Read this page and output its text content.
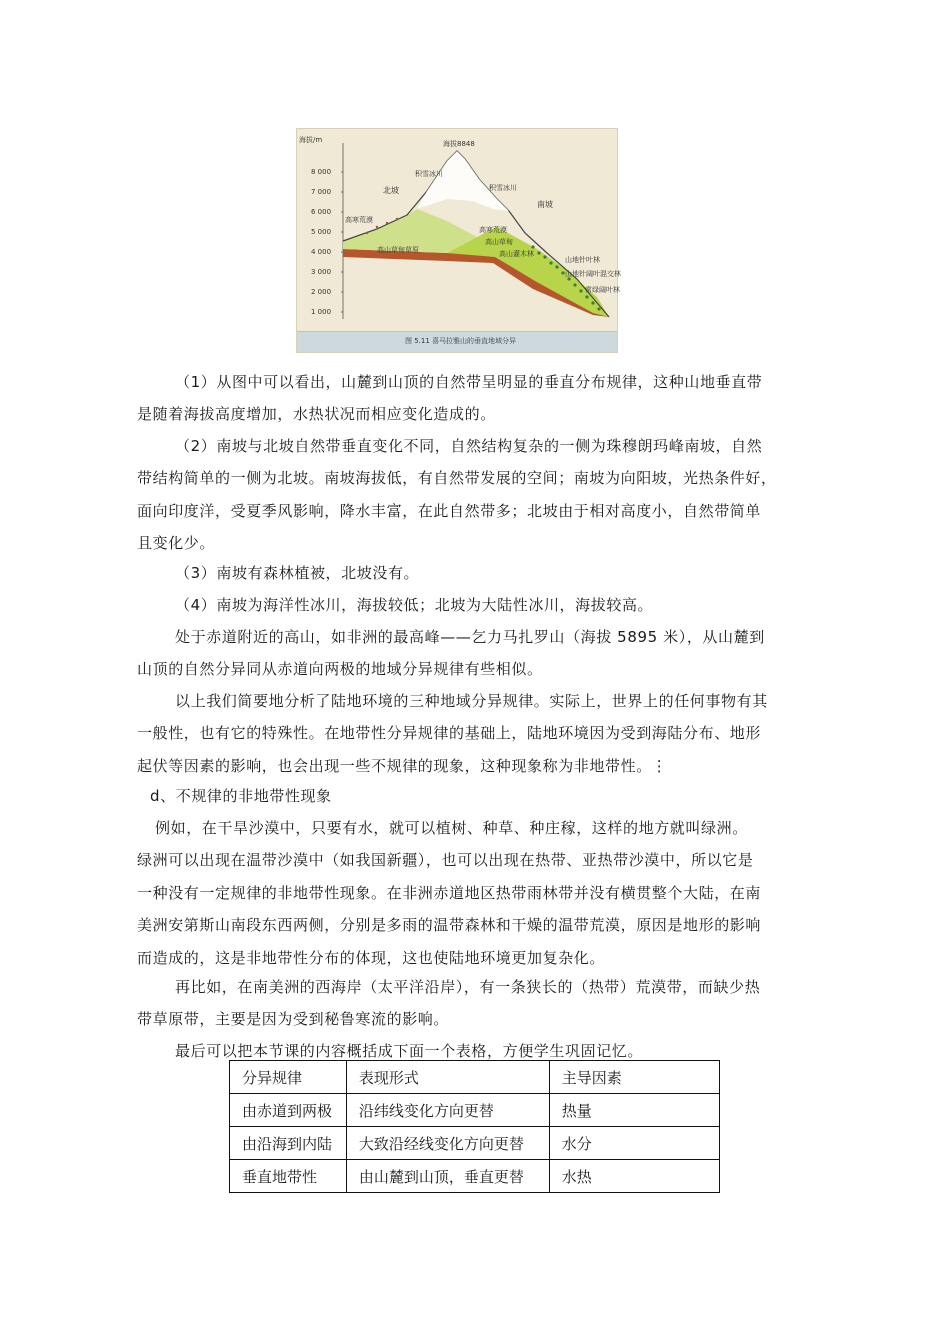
海拔/m
8 000
7 000
6 000
5 000
4 000
3 000
2 000
1 000
海拔8848
北坡
南坡
积雪冰川
积雪冰川
高寒荒漠
高山草甸草原
高寒荒漠
高山草甸
高山灌木林
山地针叶林
山地针阔叶混交林
常绿阔叶林
图 5.11 喜马拉雅山的垂直地域分异
（1）从图中可以看出，山麓到山顶的自然带呈明显的垂直分布规律，这种山地垂直带
是随着海拔高度增加，水热状况而相应变化造成的。
（2）南坡与北坡自然带垂直变化不同，自然结构复杂的一侧为珠穆朗玛峰南坡，自然
带结构简单的一侧为北坡。南坡海拔低，有自然带发展的空间；南坡为向阳坡，光热条件好，
面向印度洋，受夏季风影响，降水丰富，在此自然带多；北坡由于相对高度小，自然带简单
且变化少。
（3）南坡有森林植被，北坡没有。
（4）南坡为海洋性冰川，海拔较低；北坡为大陆性冰川，海拔较高。
处于赤道附近的高山，如非洲的最高峰——乞力马扎罗山（海拔 5895 米），从山麓到
山顶的自然分异同从赤道向两极的地域分异规律有些相似。
以上我们简要地分析了陆地环境的三种地域分异规律。实际上，世界上的任何事物有其
一般性，也有它的特殊性。在地带性分异规律的基础上，陆地环境因为受到海陆分布、地形
起伏等因素的影响，也会出现一些不规律的现象，这种现象称为非地带性。⋮
d、不规律的非地带性现象
例如，在干旱沙漠中，只要有水，就可以植树、种草、种庄稼，这样的地方就叫绿洲。
绿洲可以出现在温带沙漠中（如我国新疆），也可以出现在热带、亚热带沙漠中，所以它是
一种没有一定规律的非地带性现象。在非洲赤道地区热带雨林带并没有横贯整个大陆，在南
美洲安第斯山南段东西两侧，分别是多雨的温带森林和干燥的温带荒漠，原因是地形的影响
而造成的，这是非地带性分布的体现，这也使陆地环境更加复杂化。
再比如，在南美洲的西海岸（太平洋沿岸），有一条狭长的（热带）荒漠带，而缺少热
带草原带，主要是因为受到秘鲁寒流的影响。
最后可以把本节课的内容概括成下面一个表格，方便学生巩固记忆。
分异规律	表现形式	主导因素
由赤道到两极	沿纬线变化方向更替	热量
由沿海到内陆	大致沿经线变化方向更替	水分
垂直地带性	由山麓到山顶，垂直更替	水热
